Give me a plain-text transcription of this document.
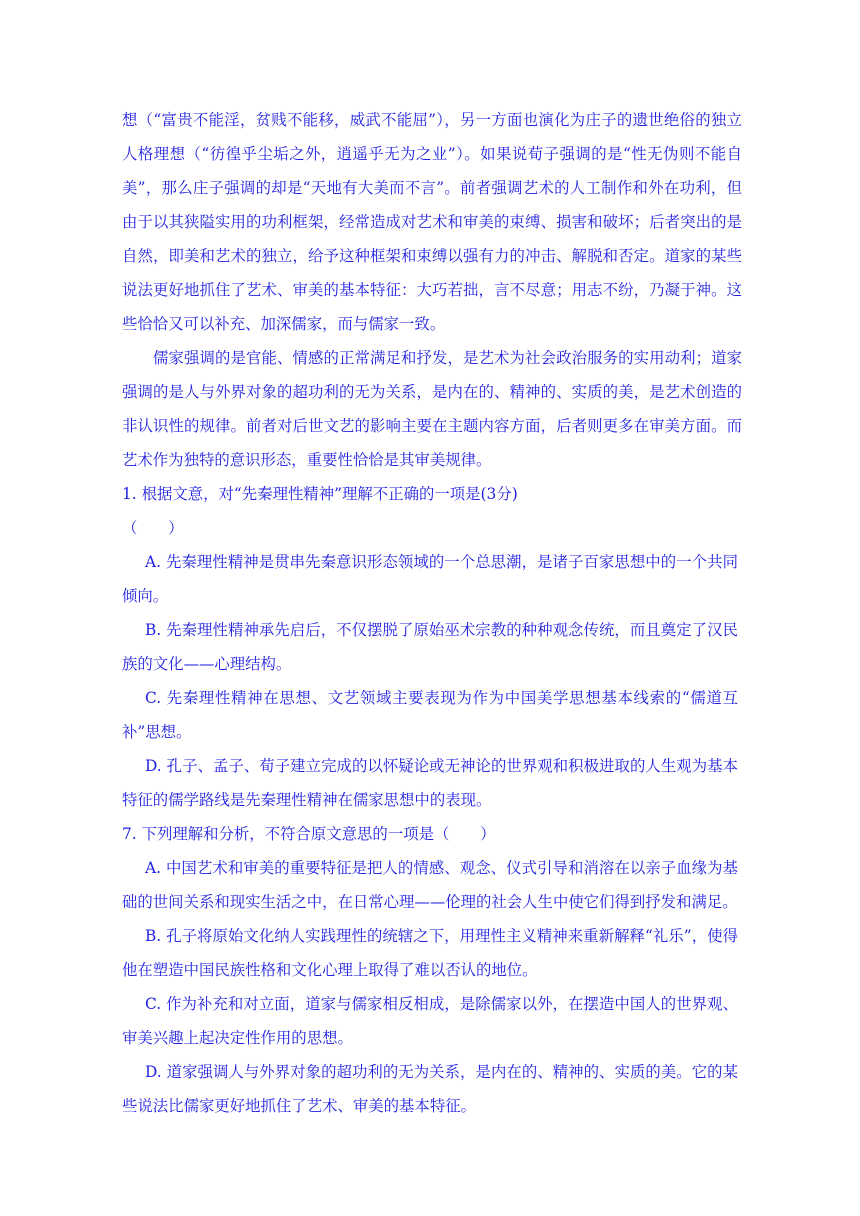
想（“富贵不能淫，贫贱不能移，威武不能屈”），另一方面也演化为庄子的遗世绝俗的独立人格理想（“彷徨乎尘垢之外，逍遥乎无为之业”）。如果说荀子强调的是“性无伪则不能自美”，那么庄子强调的却是“天地有大美而不言”。前者强调艺术的人工制作和外在功利，但由于以其狭隘实用的功利框架，经常造成对艺术和审美的束缚、损害和破坏；后者突出的是自然，即美和艺术的独立，给予这种框架和束缚以强有力的冲击、解脱和否定。道家的某些说法更好地抓住了艺术、审美的基本特征：大巧若拙，言不尽意；用志不纷，乃凝于神。这些恰恰又可以补充、加深儒家，而与儒家一致。

儒家强调的是官能、情感的正常满足和抒发，是艺术为社会政治服务的实用动利；道家强调的是人与外界对象的超功利的无为关系，是内在的、精神的、实质的美，是艺术创造的非认识性的规律。前者对后世文艺的影响主要在主题内容方面，后者则更多在审美方面。而艺术作为独特的意识形态，重要性恰恰是其审美规律。

1. 根据文意，对“先秦理性精神”理解不正确的一项是(3分)

（　　）

A. 先秦理性精神是贯串先秦意识形态领域的一个总思潮，是诸子百家思想中的一个共同倾向。

B. 先秦理性精神承先启后，不仅摆脱了原始巫术宗教的种种观念传统，而且奠定了汉民族的文化——心理结构。

C. 先秦理性精神在思想、文艺领域主要表现为作为中国美学思想基本线索的“儒道互补”思想。

D. 孔子、孟子、荀子建立完成的以怀疑论或无神论的世界观和积极进取的人生观为基本特征的儒学路线是先秦理性精神在儒家思想中的表现。

7. 下列理解和分析，不符合原文意思的一项是（　　）

A. 中国艺术和审美的重要特征是把人的情感、观念、仪式引导和消溶在以亲子血缘为基础的世间关系和现实生活之中，在日常心理——伦理的社会人生中使它们得到抒发和满足。

B. 孔子将原始文化纳人实践理性的统辖之下，用理性主义精神来重新解释“礼乐”，使得他在塑造中国民族性格和文化心理上取得了难以否认的地位。

C. 作为补充和对立面，道家与儒家相反相成，是除儒家以外，在摆造中国人的世界观、审美兴趣上起决定性作用的思想。

D. 道家强调人与外界对象的超功利的无为关系，是内在的、精神的、实质的美。它的某些说法比儒家更好地抓住了艺术、审美的基本特征。
